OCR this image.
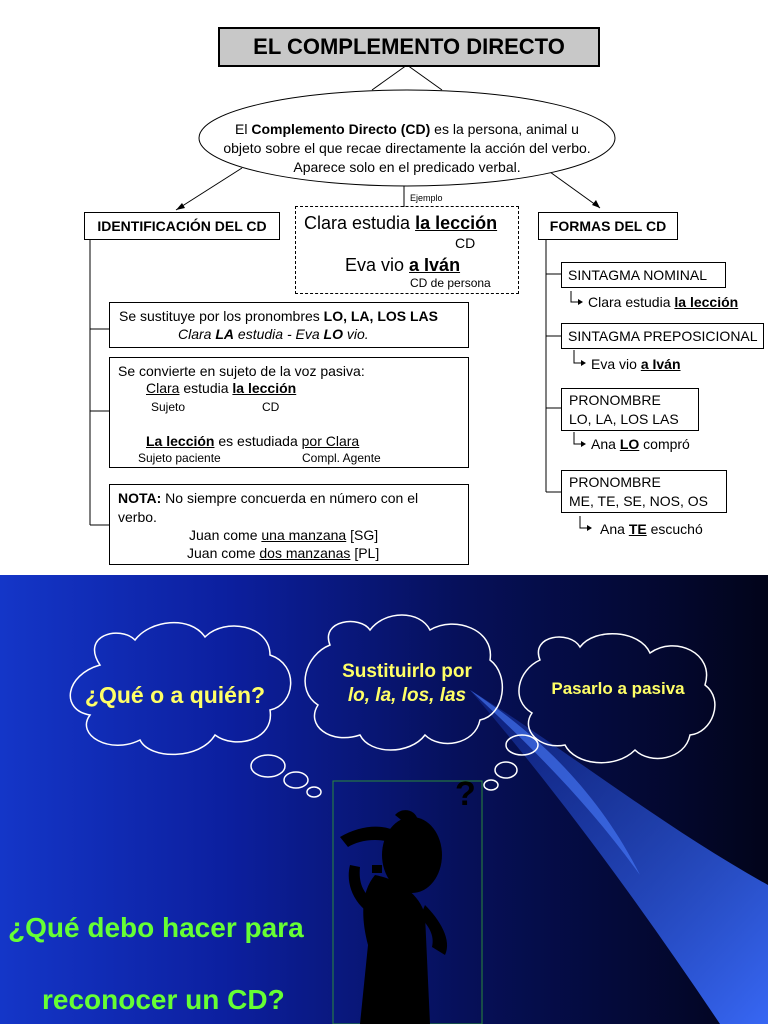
EL COMPLEMENTO DIRECTO
El Complemento Directo (CD) es la persona, animal u
objeto sobre el que recae directamente la acción del verbo.
Aparece solo en el predicado verbal.
Ejemplo
Clara estudia la lección
CD
Eva vio a Iván
CD de persona
IDENTIFICACIÓN DEL CD
Se sustituye por los pronombres LO, LA, LOS LAS
Clara LA estudia - Eva LO vio.
Se convierte en sujeto de la voz pasiva:
Clara estudia la lección
Sujeto	CD
La lección es estudiada por Clara
Sujeto paciente	Compl. Agente
NOTA: No siempre concuerda en número con el
verbo.
Juan come una manzana [SG]
Juan come dos manzanas [PL]
FORMAS DEL CD
SINTAGMA NOMINAL
Clara estudia la lección
SINTAGMA PREPOSICIONAL
Eva vio a Iván
PRONOMBRE
LO, LA, LOS LAS
Ana LO compró
PRONOMBRE
ME, TE, SE, NOS, OS
Ana TE escuchó
?
¿Qué o a quién?
Sustituirlo por
lo, la, los, las	Pasarlo a pasiva
¿Qué debo hacer para
reconocer un CD?
